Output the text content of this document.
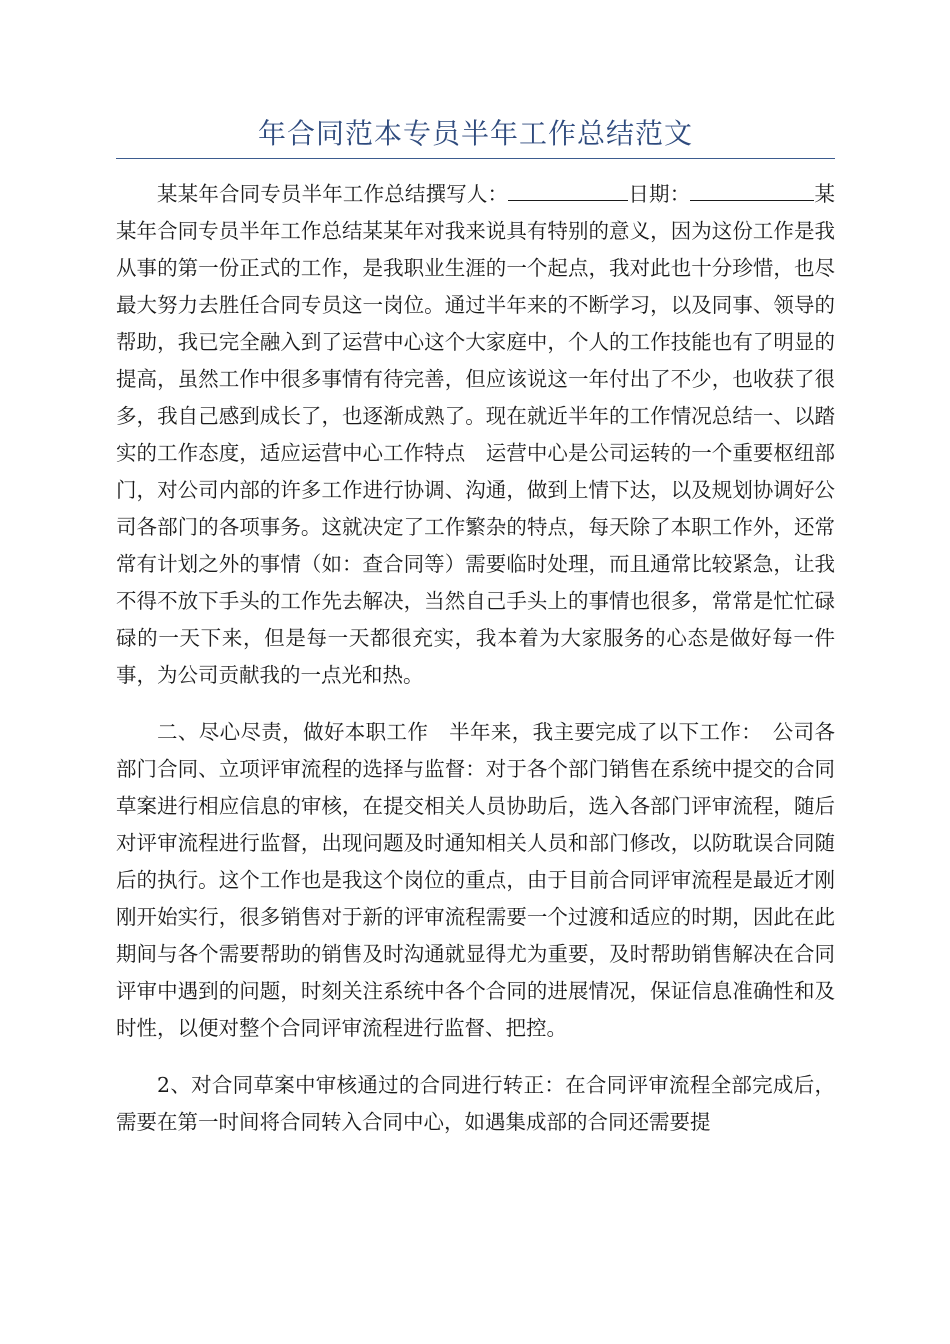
年合同范本专员半年工作总结范文

某某年合同专员半年工作总结撰写人：	日期：	某某年合同专员半年工作总结某某年对我来说具有特别的意义，因为这份工作是我从事的第一份正式的工作，是我职业生涯的一个起点，我对此也十分珍惜，也尽最大努力去胜任合同专员这一岗位。通过半年来的不断学习，以及同事、领导的帮助，我已完全融入到了运营中心这个大家庭中，个人的工作技能也有了明显的提高，虽然工作中很多事情有待完善，但应该说这一年付出了不少，也收获了很多，我自己感到成长了，也逐渐成熟了。现在就近半年的工作情况总结一、以踏实的工作态度，适应运营中心工作特点　运营中心是公司运转的一个重要枢纽部门，对公司内部的许多工作进行协调、沟通，做到上情下达，以及规划协调好公司各部门的各项事务。这就决定了工作繁杂的特点，每天除了本职工作外，还常常有计划之外的事情（如：查合同等）需要临时处理，而且通常比较紧急，让我不得不放下手头的工作先去解决，当然自己手头上的事情也很多，常常是忙忙碌碌的一天下来，但是每一天都很充实，我本着为大家服务的心态是做好每一件事，为公司贡献我的一点光和热。

二、尽心尽责，做好本职工作　半年来，我主要完成了以下工作：　公司各部门合同、立项评审流程的选择与监督：对于各个部门销售在系统中提交的合同草案进行相应信息的审核，在提交相关人员协助后，选入各部门评审流程，随后对评审流程进行监督，出现问题及时通知相关人员和部门修改，以防耽误合同随后的执行。这个工作也是我这个岗位的重点，由于目前合同评审流程是最近才刚刚开始实行，很多销售对于新的评审流程需要一个过渡和适应的时期，因此在此期间与各个需要帮助的销售及时沟通就显得尤为重要，及时帮助销售解决在合同评审中遇到的问题，时刻关注系统中各个合同的进展情况，保证信息准确性和及时性，以便对整个合同评审流程进行监督、把控。

2、对合同草案中审核通过的合同进行转正：在合同评审流程全部完成后，需要在第一时间将合同转入合同中心，如遇集成部的合同还需要提
